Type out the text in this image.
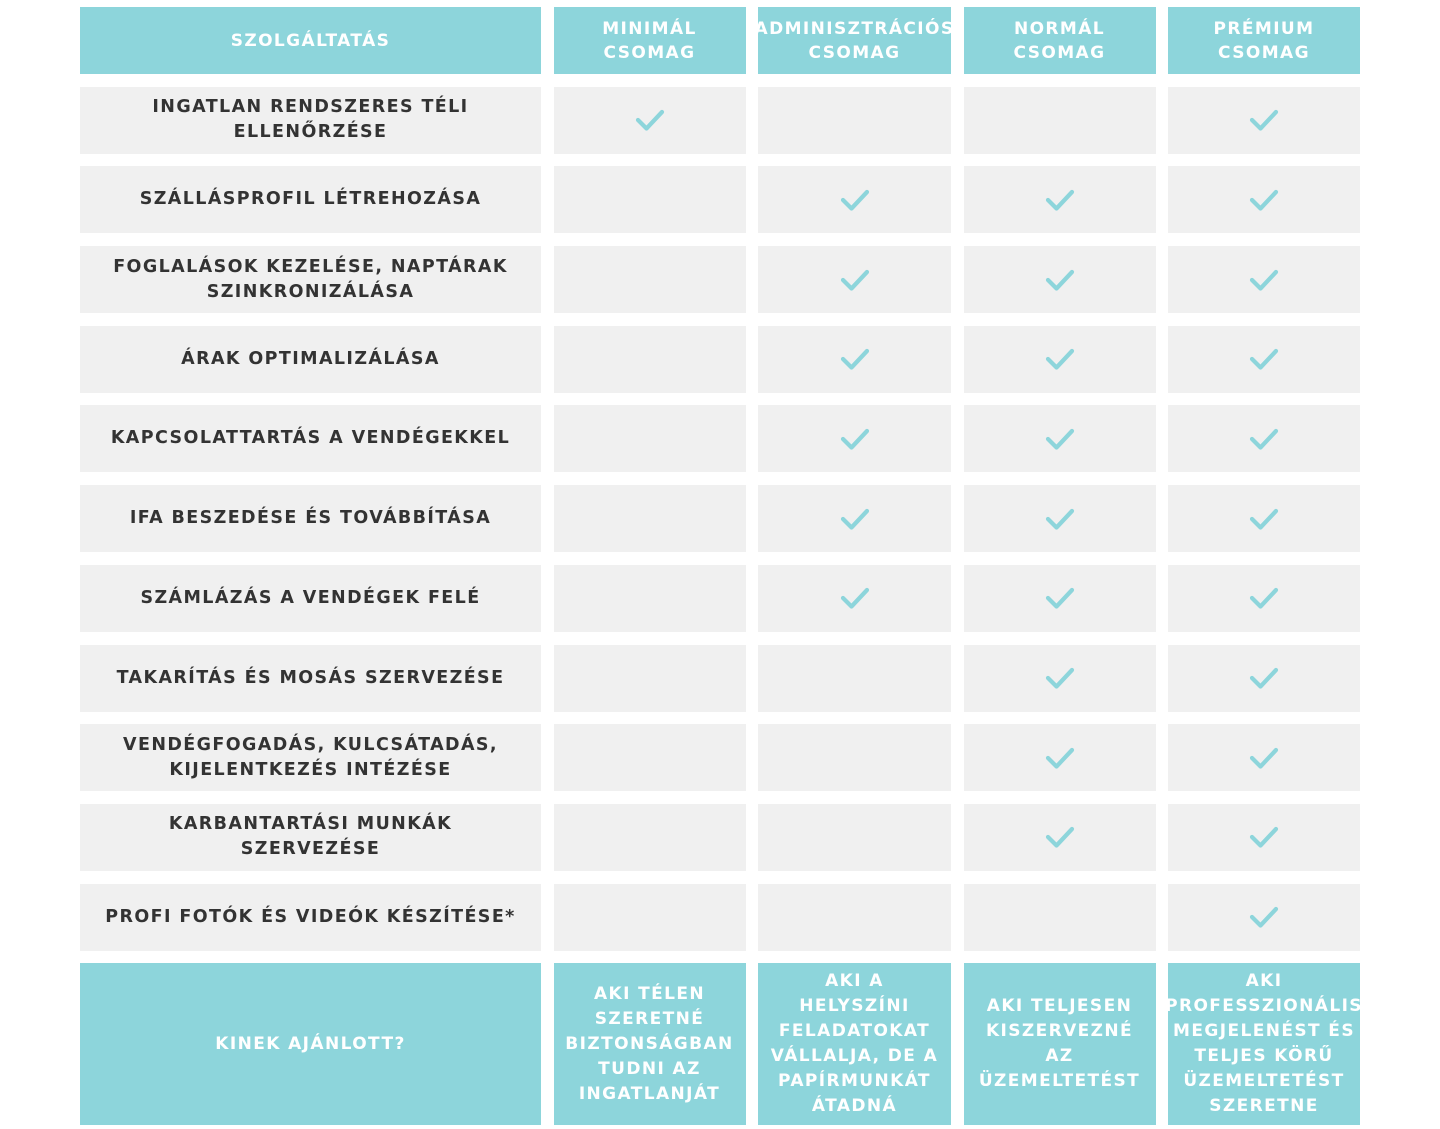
SZOLGÁLTATÁS
MINIMÁL CSOMAG
ADMINISZTRÁCIÓS CSOMAG
NORMÁL CSOMAG
PRÉMIUM CSOMAG
INGATLAN RENDSZERES TÉLI ELLENŐRZÉSE
SZÁLLÁSPROFIL LÉTREHOZÁSA
FOGLALÁSOK KEZELÉSE, NAPTÁRAK SZINKRONIZÁLÁSA
ÁRAK OPTIMALIZÁLÁSA
KAPCSOLATTARTÁS A VENDÉGEKKEL
IFA BESZEDÉSE ÉS TOVÁBBÍTÁSA
SZÁMLÁZÁS A VENDÉGEK FELÉ
TAKARÍTÁS ÉS MOSÁS SZERVEZÉSE
VENDÉGFOGADÁS, KULCSÁTADÁS, KIJELENTKEZÉS INTÉZÉSE
KARBANTARTÁSI MUNKÁK SZERVEZÉSE
PROFI FOTÓK ÉS VIDEÓK KÉSZÍTÉSE*
KINEK AJÁNLOTT?
AKI TÉLEN SZERETNÉ BIZTONSÁGBAN TUDNI AZ INGATLANJÁT
AKI A HELYSZÍNI FELADATOKAT VÁLLALJA, DE A PAPÍRMUNKÁT ÁTADNÁ
AKI TELJESEN KISZERVEZNÉ AZ ÜZEMELTETÉST
AKI PROFESSZIONÁLIS MEGJELENÉST ÉS TELJES KÖRŰ ÜZEMELTETÉST SZERETNE
